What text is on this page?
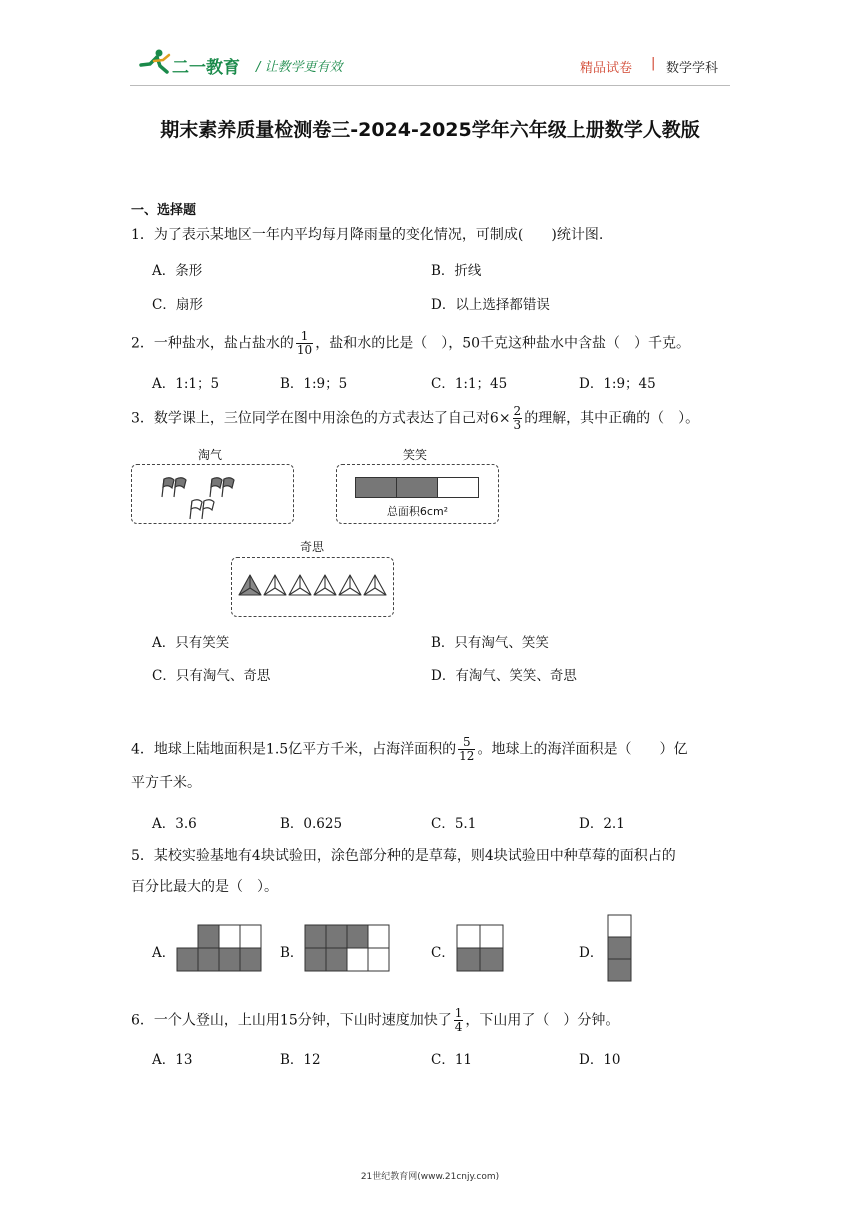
二一教育 / 让教学更有效	精品试卷 | 数学学科
期末素养质量检测卷三-2024-2025学年六年级上册数学人教版
一、选择题
1．为了表示某地区一年内平均每月降雨量的变化情况，可制成(　　)统计图.
A．条形	B．折线
C．扇形	D．以上选择都错误
2．一种盐水，盐占盐水的 $\frac{1}{10}$ ，盐和水的比是（　），50千克这种盐水中含盐（　）千克。
A．1:1；5	B．1:9；5	C．1:1；45	D．1:9；45
3．数学课上，三位同学在图中用涂色的方式表达了自己对$6\times \frac{2}{3}$ 的理解，其中正确的（　）。
淘气	笑笑
总面积6cm²
奇思
A．只有笑笑	B．只有淘气、笑笑
C．只有淘气、奇思	D．有淘气、笑笑、奇思
4．地球上陆地面积是1.5亿平方千米，占海洋面积的 $\frac{5}{12}$ 。地球上的海洋面积是（　　）亿
平方千米。
A．3.6	B．0.625	C．5.1	D．2.1
5．某校实验基地有4块试验田，涂色部分种的是草莓，则4块试验田中种草莓的面积占的
百分比最大的是（　）。
A．	B．	C．	D．
6．一个人登山，上山用15分钟，下山时速度加快了 $\frac{1}{4}$ ，下山用了（　）分钟。
A．13	B．12	C．11	D．10
21世纪教育网(www.21cnjy.com)
